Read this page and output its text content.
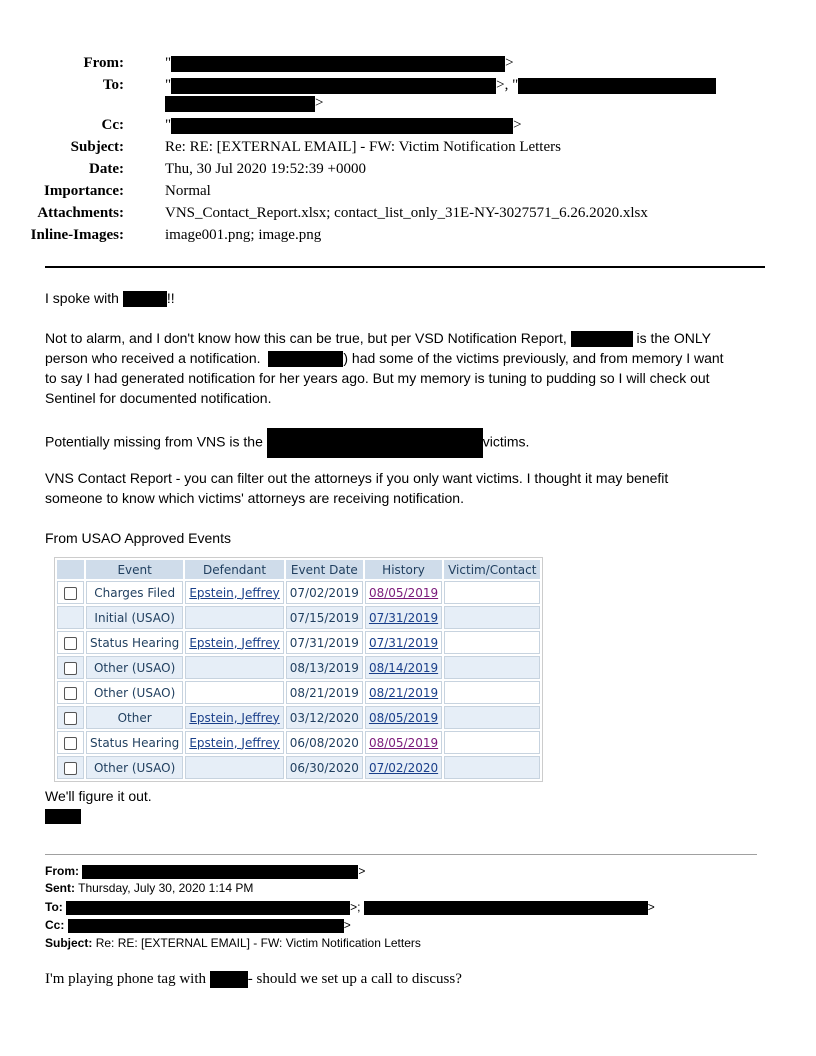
From:	"	>
To:	"	>, "
>
Cc:	"	>
Subject:	Re: RE: [EXTERNAL EMAIL] - FW: Victim Notification Letters
Date:	Thu, 30 Jul 2020 19:52:39 +0000
Importance:	Normal
Attachments:	VNS_Contact_Report.xlsx; contact_list_only_31E-NY-3027571_6.26.2020.xlsx
Inline-Images:	image001.png; image.png
I spoke with	!!
Not to alarm, and I don't know how this can be true, but per VSD Notification Report,	is the ONLY
person who received a notification.	) had some of the victims previously, and from memory I want
to say I had generated notification for her years ago. But my memory is tuning to pudding so I will check out
Sentinel for documented notification.
Potentially missing from VNS is the	victims.
VNS Contact Report - you can filter out the attorneys if you only want victims. I thought it may benefit
someone to know which victims' attorneys are receiving notification.
From USAO Approved Events
	Event	Defendant	Event Date	History	Victim/Contact
	Charges Filed	Epstein, Jeffrey	07/02/2019	08/05/2019	
	Initial (USAO)		07/15/2019	07/31/2019	
	Status Hearing	Epstein, Jeffrey	07/31/2019	07/31/2019	
	Other (USAO)		08/13/2019	08/14/2019	
	Other (USAO)		08/21/2019	08/21/2019	
	Other	Epstein, Jeffrey	03/12/2020	08/05/2019	
	Status Hearing	Epstein, Jeffrey	06/08/2020	08/05/2019	
	Other (USAO)		06/30/2020	07/02/2020	
We'll figure it out.
From:	>
Sent: Thursday, July 30, 2020 1:14 PM
To:	>;	>
Cc:	>
Subject: Re: RE: [EXTERNAL EMAIL] - FW: Victim Notification Letters
I'm playing phone tag with	- should we set up a call to discuss?
